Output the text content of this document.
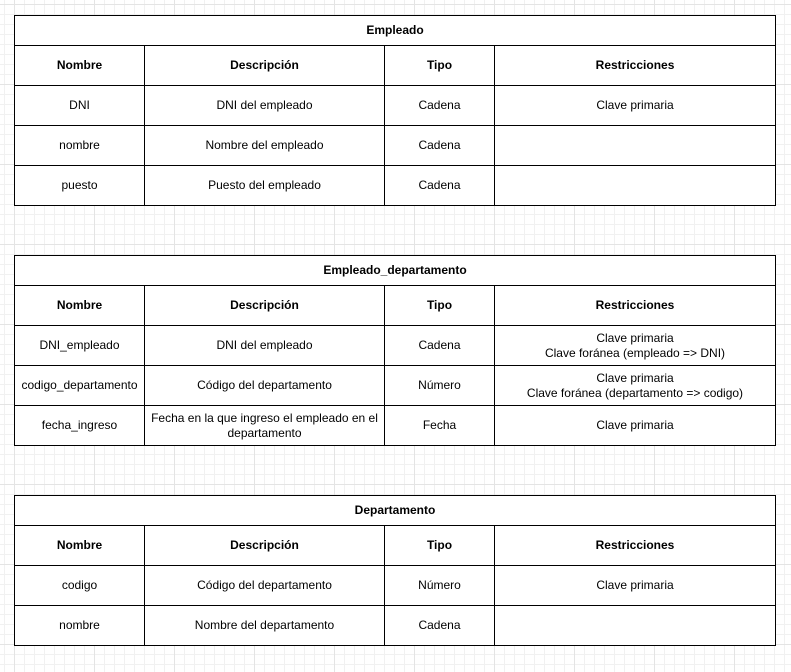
Empleado			
Nombre	Descripción	Tipo	Restricciones
DNI	DNI del empleado	Cadena	Clave primaria
nombre	Nombre del empleado	Cadena	
puesto	Puesto del empleado	Cadena	
Empleado_departamento			
Nombre	Descripción	Tipo	Restricciones
DNI_empleado	DNI del empleado	Cadena	Clave primaria
Clave foránea (empleado => DNI)
codigo_departamento	Código del departamento	Número	Clave primaria
Clave foránea (departamento => codigo)
fecha_ingreso	Fecha en la que ingreso el empleado en el departamento	Fecha	Clave primaria
Departamento			
Nombre	Descripción	Tipo	Restricciones
codigo	Código del departamento	Número	Clave primaria
nombre	Nombre del departamento	Cadena	
